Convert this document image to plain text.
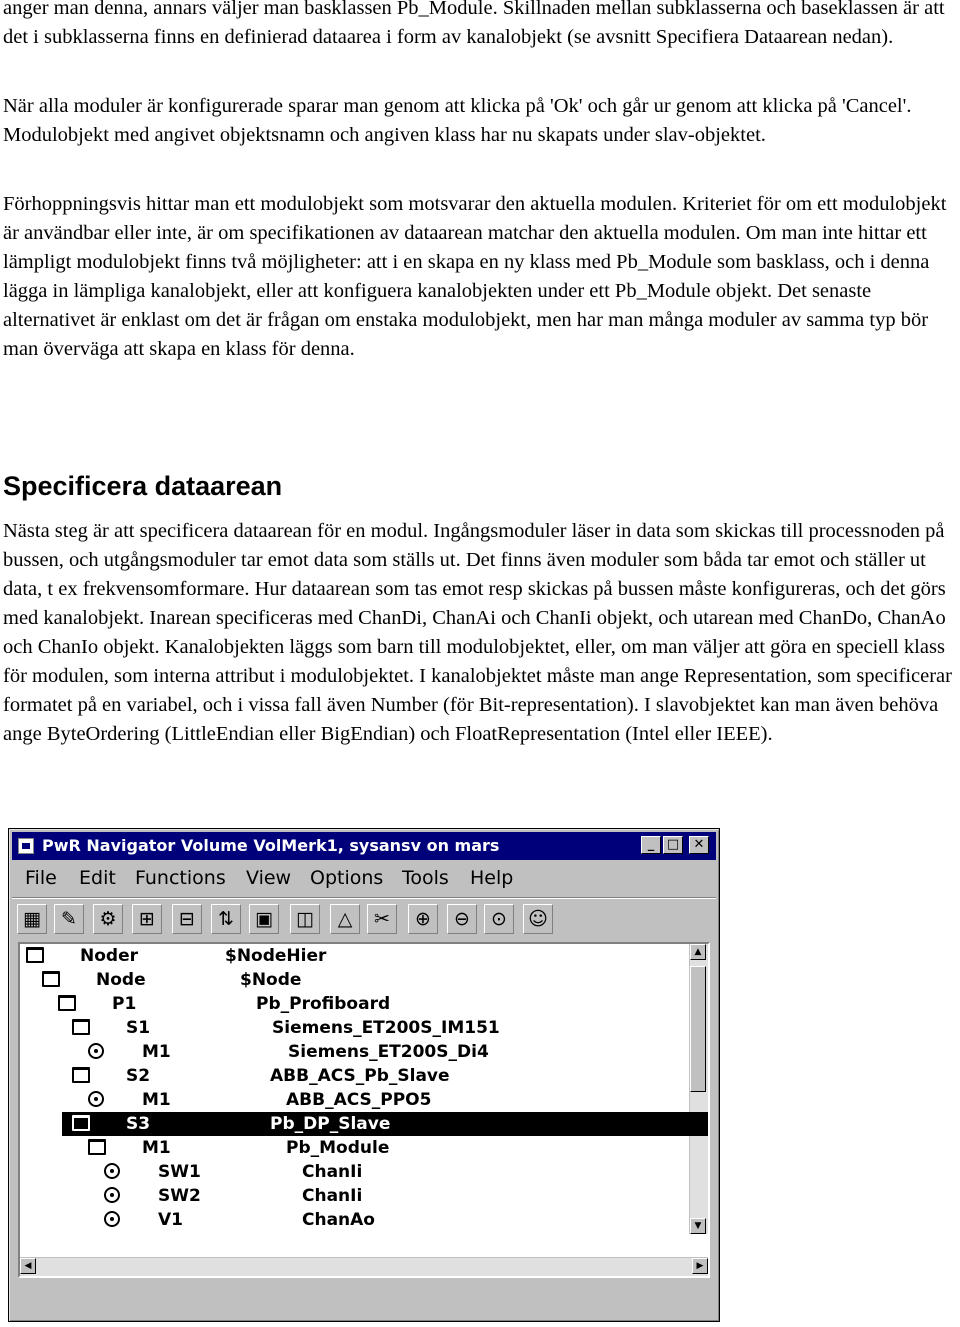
anger man denna, annars väljer man basklassen Pb_Module. Skillnaden mellan subklasserna och baseklassen är att det i subklasserna finns en definierad dataarea i form av kanalobjekt (se avsnitt Specifiera Dataarean nedan).

När alla moduler är konfigurerade sparar man genom att klicka på 'Ok' och går ur genom att klicka på 'Cancel'. Modulobjekt med angivet objektsnamn och angiven klass har nu skapats under slav-objektet.

Förhoppningsvis hittar man ett modulobjekt som motsvarar den aktuella modulen. Kriteriet för om ett modulobjekt är användbar eller inte, är om specifikationen av dataarean matchar den aktuella modulen. Om man inte hittar ett lämpligt modulobjekt finns två möjligheter: att i en skapa en ny klass med Pb_Module som basklass, och i denna lägga in lämpliga kanalobjekt, eller att konfiguera kanalobjekten under ett Pb_Module objekt. Det senaste alternativet är enklast om det är frågan om enstaka modulobjekt, men har man många moduler av samma typ bör man överväga att skapa en klass för denna.

Specificera dataarean

Nästa steg är att specificera dataarean för en modul. Ingångsmoduler läser in data som skickas till processnoden på bussen, och utgångsmoduler tar emot data som ställs ut. Det finns även moduler som båda tar emot och ställer ut data, t ex frekvensomformare. Hur dataarean som tas emot resp skickas på bussen måste konfigureras, och det görs med kanalobjekt. Inarean specificeras med ChanDi, ChanAi och ChanIi objekt, och utarean med ChanDo, ChanAo och ChanIo objekt. Kanalobjekten läggs som barn till modulobjektet, eller, om man väljer att göra en speciell klass för modulen, som interna attribut i modulobjektet. I kanalobjektet måste man ange Representation, som specificerar formatet på en variabel, och i vissa fall även Number (för Bit-representation). I slavobjektet kan man även behöva ange ByteOrdering (LittleEndian eller BigEndian) och FloatRepresentation (Intel eller IEEE).

PwR Navigator Volume VolMerk1, sysansv on mars	_ □	✕
File Edit Functions View Options Tools Help
▦	✎	⚙	⊞	⊟	⇅	▣	◫	△	✂	⊕	⊖	⊙	☺
▲
▼
◀	▶
Noder	$NodeHier
Node	$Node
P1	Pb_Profiboard
S1	Siemens_ET200S_IM151
M1	Siemens_ET200S_Di4
S2	ABB_ACS_Pb_Slave
M1	ABB_ACS_PPO5
S3	Pb_DP_Slave
M1	Pb_Module
SW1	ChanIi
SW2	ChanIi
V1	ChanAo
